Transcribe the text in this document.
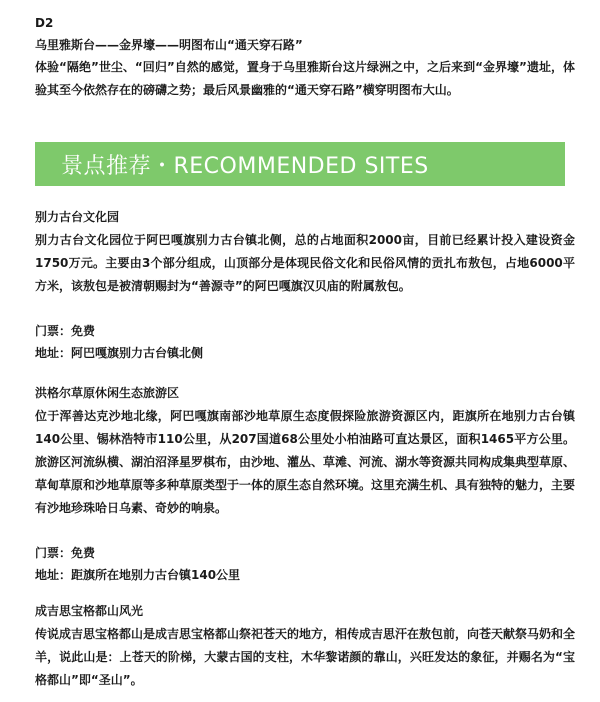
D2

乌里雅斯台——金界壕——明图布山“通天穿石路”

体验“隔绝”世尘、“回归”自然的感觉，置身于乌里雅斯台这片绿洲之中，之后来到“金界壕”遗址，体验其至今依然存在的磅礴之势；最后风景幽雅的“通天穿石路”横穿明图布大山。

景点推荐・RECOMMENDED SITES

别力古台文化园

别力古台文化园位于阿巴嘎旗别力古台镇北侧，总的占地面积2000亩，目前已经累计投入建设资金1750万元。主要由3个部分组成，山顶部分是体现民俗文化和民俗风情的贡扎布敖包，占地6000平方米，该敖包是被清朝赐封为“善源寺”的阿巴嘎旗汉贝庙的附属敖包。

门票：免费

地址：阿巴嘎旗别力古台镇北侧

洪格尔草原休闲生态旅游区

位于浑善达克沙地北缘，阿巴嘎旗南部沙地草原生态度假探险旅游资源区内，距旗所在地别力古台镇140公里、锡林浩特市110公里，从207国道68公里处小柏油路可直达景区，面积1465平方公里。旅游区河流纵横、湖泊沼泽星罗棋布，由沙地、灌丛、草滩、河流、湖水等资源共同构成集典型草原、草甸草原和沙地草原等多种草原类型于一体的原生态自然环境。这里充满生机、具有独特的魅力，主要有沙地珍珠哈日乌素、奇妙的响泉。

门票：免费

地址：距旗所在地别力古台镇140公里

成吉思宝格都山风光

传说成吉思宝格都山是成吉思宝格都山祭祀苍天的地方，相传成吉思汗在敖包前，向苍天献祭马奶和全羊，说此山是：上苍天的阶梯，大蒙古国的支柱，木华黎诺颜的靠山，兴旺发达的象征，并赐名为“宝格都山”即“圣山”。
